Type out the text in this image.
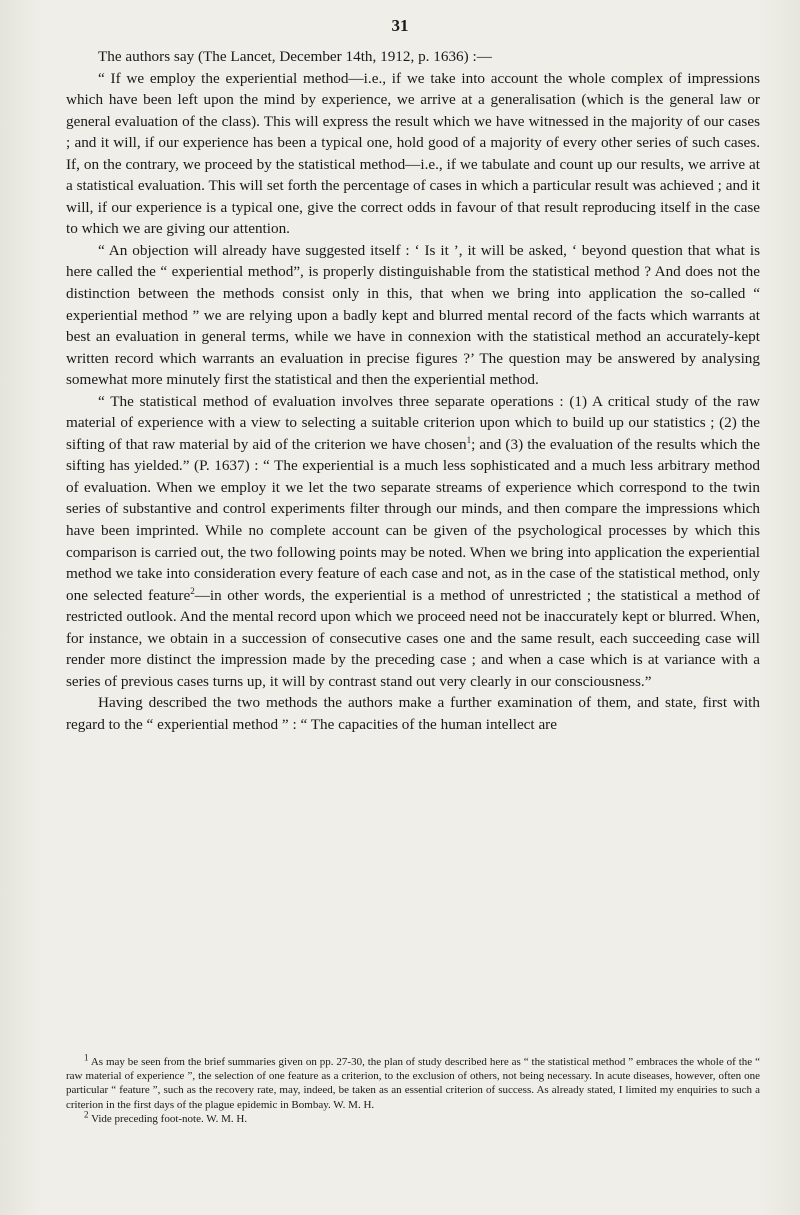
31

The authors say (The Lancet, December 14th, 1912, p. 1636) :—

“ If we employ the experiential method—i.e., if we take into account the whole complex of impressions which have been left upon the mind by experience, we arrive at a generalisation (which is the general law or general evaluation of the class). This will express the result which we have witnessed in the majority of our cases ; and it will, if our experience has been a typical one, hold good of a majority of every other series of such cases. If, on the contrary, we proceed by the statistical method—i.e., if we tabulate and count up our results, we arrive at a statistical evaluation. This will set forth the percentage of cases in which a particular result was achieved ; and it will, if our experience is a typical one, give the correct odds in favour of that result reproducing itself in the case to which we are giving our attention.

“ An objection will already have suggested itself : ‘ Is it ’, it will be asked, ‘ beyond question that what is here called the “ experiential method”, is properly distinguishable from the statistical method ? And does not the distinction between the methods consist only in this, that when we bring into application the so-called “ experiential method ” we are relying upon a badly kept and blurred mental record of the facts which warrants at best an evaluation in general terms, while we have in connexion with the statistical method an accurately-kept written record which warrants an evaluation in precise figures ?’ The question may be answered by analysing somewhat more minutely first the statistical and then the experiential method.

“ The statistical method of evaluation involves three separate operations : (1) A critical study of the raw material of experience with a view to selecting a suitable criterion upon which to build up our statistics ; (2) the sifting of that raw material by aid of the criterion we have chosen$^1$; and (3) the evaluation of the results which the sifting has yielded.” (P. 1637) : “ The experiential is a much less sophisticated and a much less arbitrary method of evaluation. When we employ it we let the two separate streams of experience which correspond to the twin series of substantive and control experiments filter through our minds, and then compare the impressions which have been imprinted. While no complete account can be given of the psychological processes by which this comparison is carried out, the two following points may be noted. When we bring into application the experiential method we take into consideration every feature of each case and not, as in the case of the statistical method, only one selected feature$^2$—in other words, the experiential is a method of unrestricted ; the statistical a method of restricted outlook. And the mental record upon which we proceed need not be inaccurately kept or blurred. When, for instance, we obtain in a succession of consecutive cases one and the same result, each succeeding case will render more distinct the impression made by the preceding case ; and when a case which is at variance with a series of previous cases turns up, it will by contrast stand out very clearly in our consciousness.”

Having described the two methods the authors make a further examination of them, and state, first with regard to the “ experiential method ” : “ The capacities of the human intellect are

$^1$ As may be seen from the brief summaries given on pp. 27-30, the plan of study described here as “ the statistical method ” embraces the whole of the “ raw material of experience ”, the selection of one feature as a criterion, to the exclusion of others, not being necessary. In acute diseases, however, often one particular “ feature ”, such as the recovery rate, may, indeed, be taken as an essential criterion of success. As already stated, I limited my enquiries to such a criterion in the first days of the plague epidemic in Bombay. W. M. H.

$^2$ Vide preceding foot-note. W. M. H.
